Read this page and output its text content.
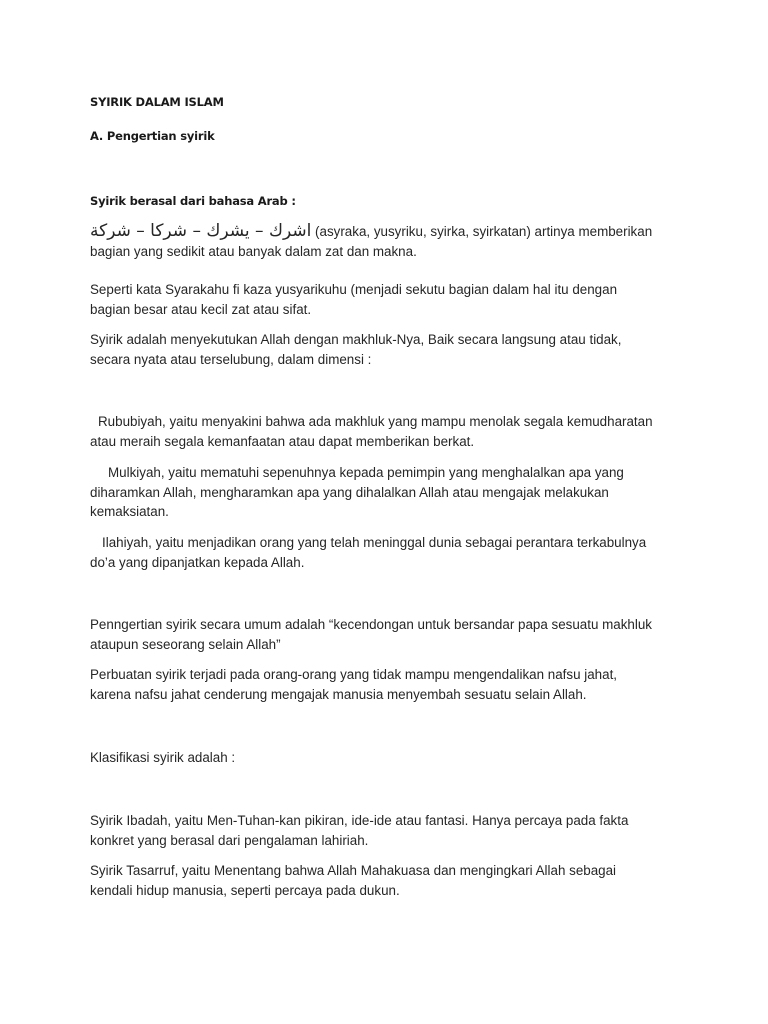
SYIRIK DALAM ISLAM
A. Pengertian syirik
Syirik berasal dari bahasa Arab :
اشرك – يشرك – شركا – شركة (asyraka, yusyriku, syirka, syirkatan) artinya memberikan
bagian yang sedikit atau banyak dalam zat dan makna.
Seperti kata Syarakahu fi kaza yusyarikuhu (menjadi sekutu bagian dalam hal itu dengan
bagian besar atau kecil zat atau sifat.
Syirik adalah menyekutukan Allah dengan makhluk-Nya, Baik secara langsung atau tidak,
secara nyata atau terselubung, dalam dimensi :
Rububiyah, yaitu menyakini bahwa ada makhluk yang mampu menolak segala kemudharatan
atau meraih segala kemanfaatan atau dapat memberikan berkat.
Mulkiyah, yaitu mematuhi sepenuhnya kepada pemimpin yang menghalalkan apa yang
diharamkan Allah, mengharamkan apa yang dihalalkan Allah atau mengajak melakukan
kemaksiatan.
Ilahiyah, yaitu menjadikan orang yang telah meninggal dunia sebagai perantara terkabulnya
do’a yang dipanjatkan kepada Allah.
Penngertian syirik secara umum adalah “kecendongan untuk bersandar papa sesuatu makhluk
ataupun seseorang selain Allah”
Perbuatan syirik terjadi pada orang-orang yang tidak mampu mengendalikan nafsu jahat,
karena nafsu jahat cenderung mengajak manusia menyembah sesuatu selain Allah.
Klasifikasi syirik adalah :
Syirik Ibadah, yaitu Men-Tuhan-kan pikiran, ide-ide atau fantasi. Hanya percaya pada fakta
konkret yang berasal dari pengalaman lahiriah.
Syirik Tasarruf, yaitu Menentang bahwa Allah Mahakuasa dan mengingkari Allah sebagai
kendali hidup manusia, seperti percaya pada dukun.
